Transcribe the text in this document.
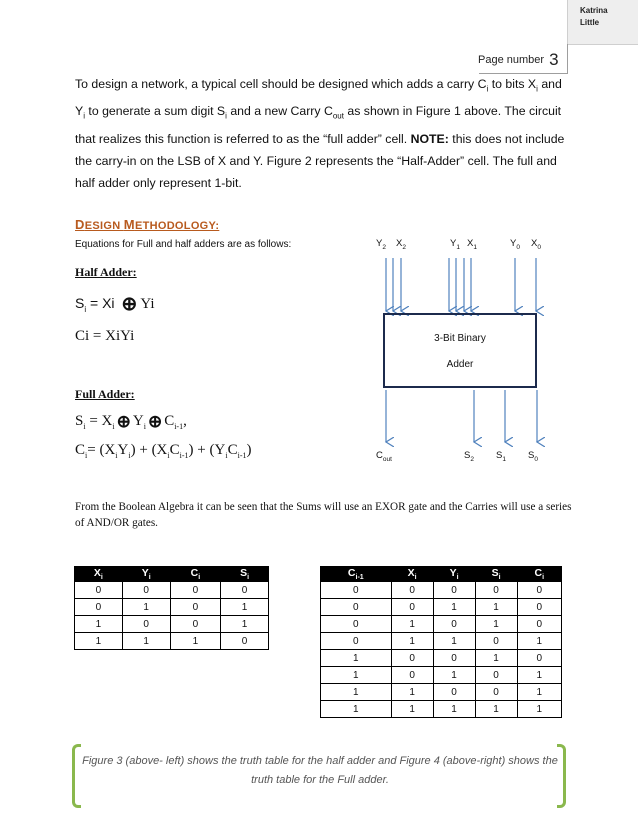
Katrina
Little
Page number 3
To design a network, a typical cell should be designed which adds a carry $C_i$ to bits $X_i$ and $Y_i$ to generate a sum digit $S_i$ and a new Carry $C_{out}$ as shown in Figure 1 above. The circuit that realizes this function is referred to as the “full adder” cell. NOTE: this does not include the carry-in on the LSB of X and Y. Figure 2 represents the “Half-Adder” cell. The full and half adder only represent 1-bit.
DESIGN METHODOLOGY:
Equations for Full and half adders are as follows:
Half Adder:
$S_i = Xi$ ⊕ Yi
Ci = XiYi
Full Adder:
$S_i = X_i$ ⊕ $Y_i$ ⊕ $C_{i-1}$,
$C_i= (X_iY_i) + (X_iC_{i-1}) + (Y_iC_{i-1})$
3-Bit Binary
Adder
$Y_2$ $X_2$	$Y_1$ $X_1$	$Y_0$ $X_0$
$C_{out}$	$S_2$ $S_1$ $S_0$
From the Boolean Algebra it can be seen that the Sums will use an EXOR gate and the Carries will use a series of AND/OR gates.
$X_i$	$Y_i$	$C_i$	$S_i$
0	0	0	0
0	1	0	1
1	0	0	1
1	1	1	0
$C_{i-1}$	$X_i$	$Y_i$	$S_i$	$C_i$
0	0	0	0	0
0	0	1	1	0
0	1	0	1	0
0	1	1	0	1
1	0	0	1	0
1	0	1	0	1
1	1	0	0	1
1	1	1	1	1
Figure 3 (above- left) shows the truth table for the half adder and Figure 4 (above-right) shows the truth table for the Full adder.
